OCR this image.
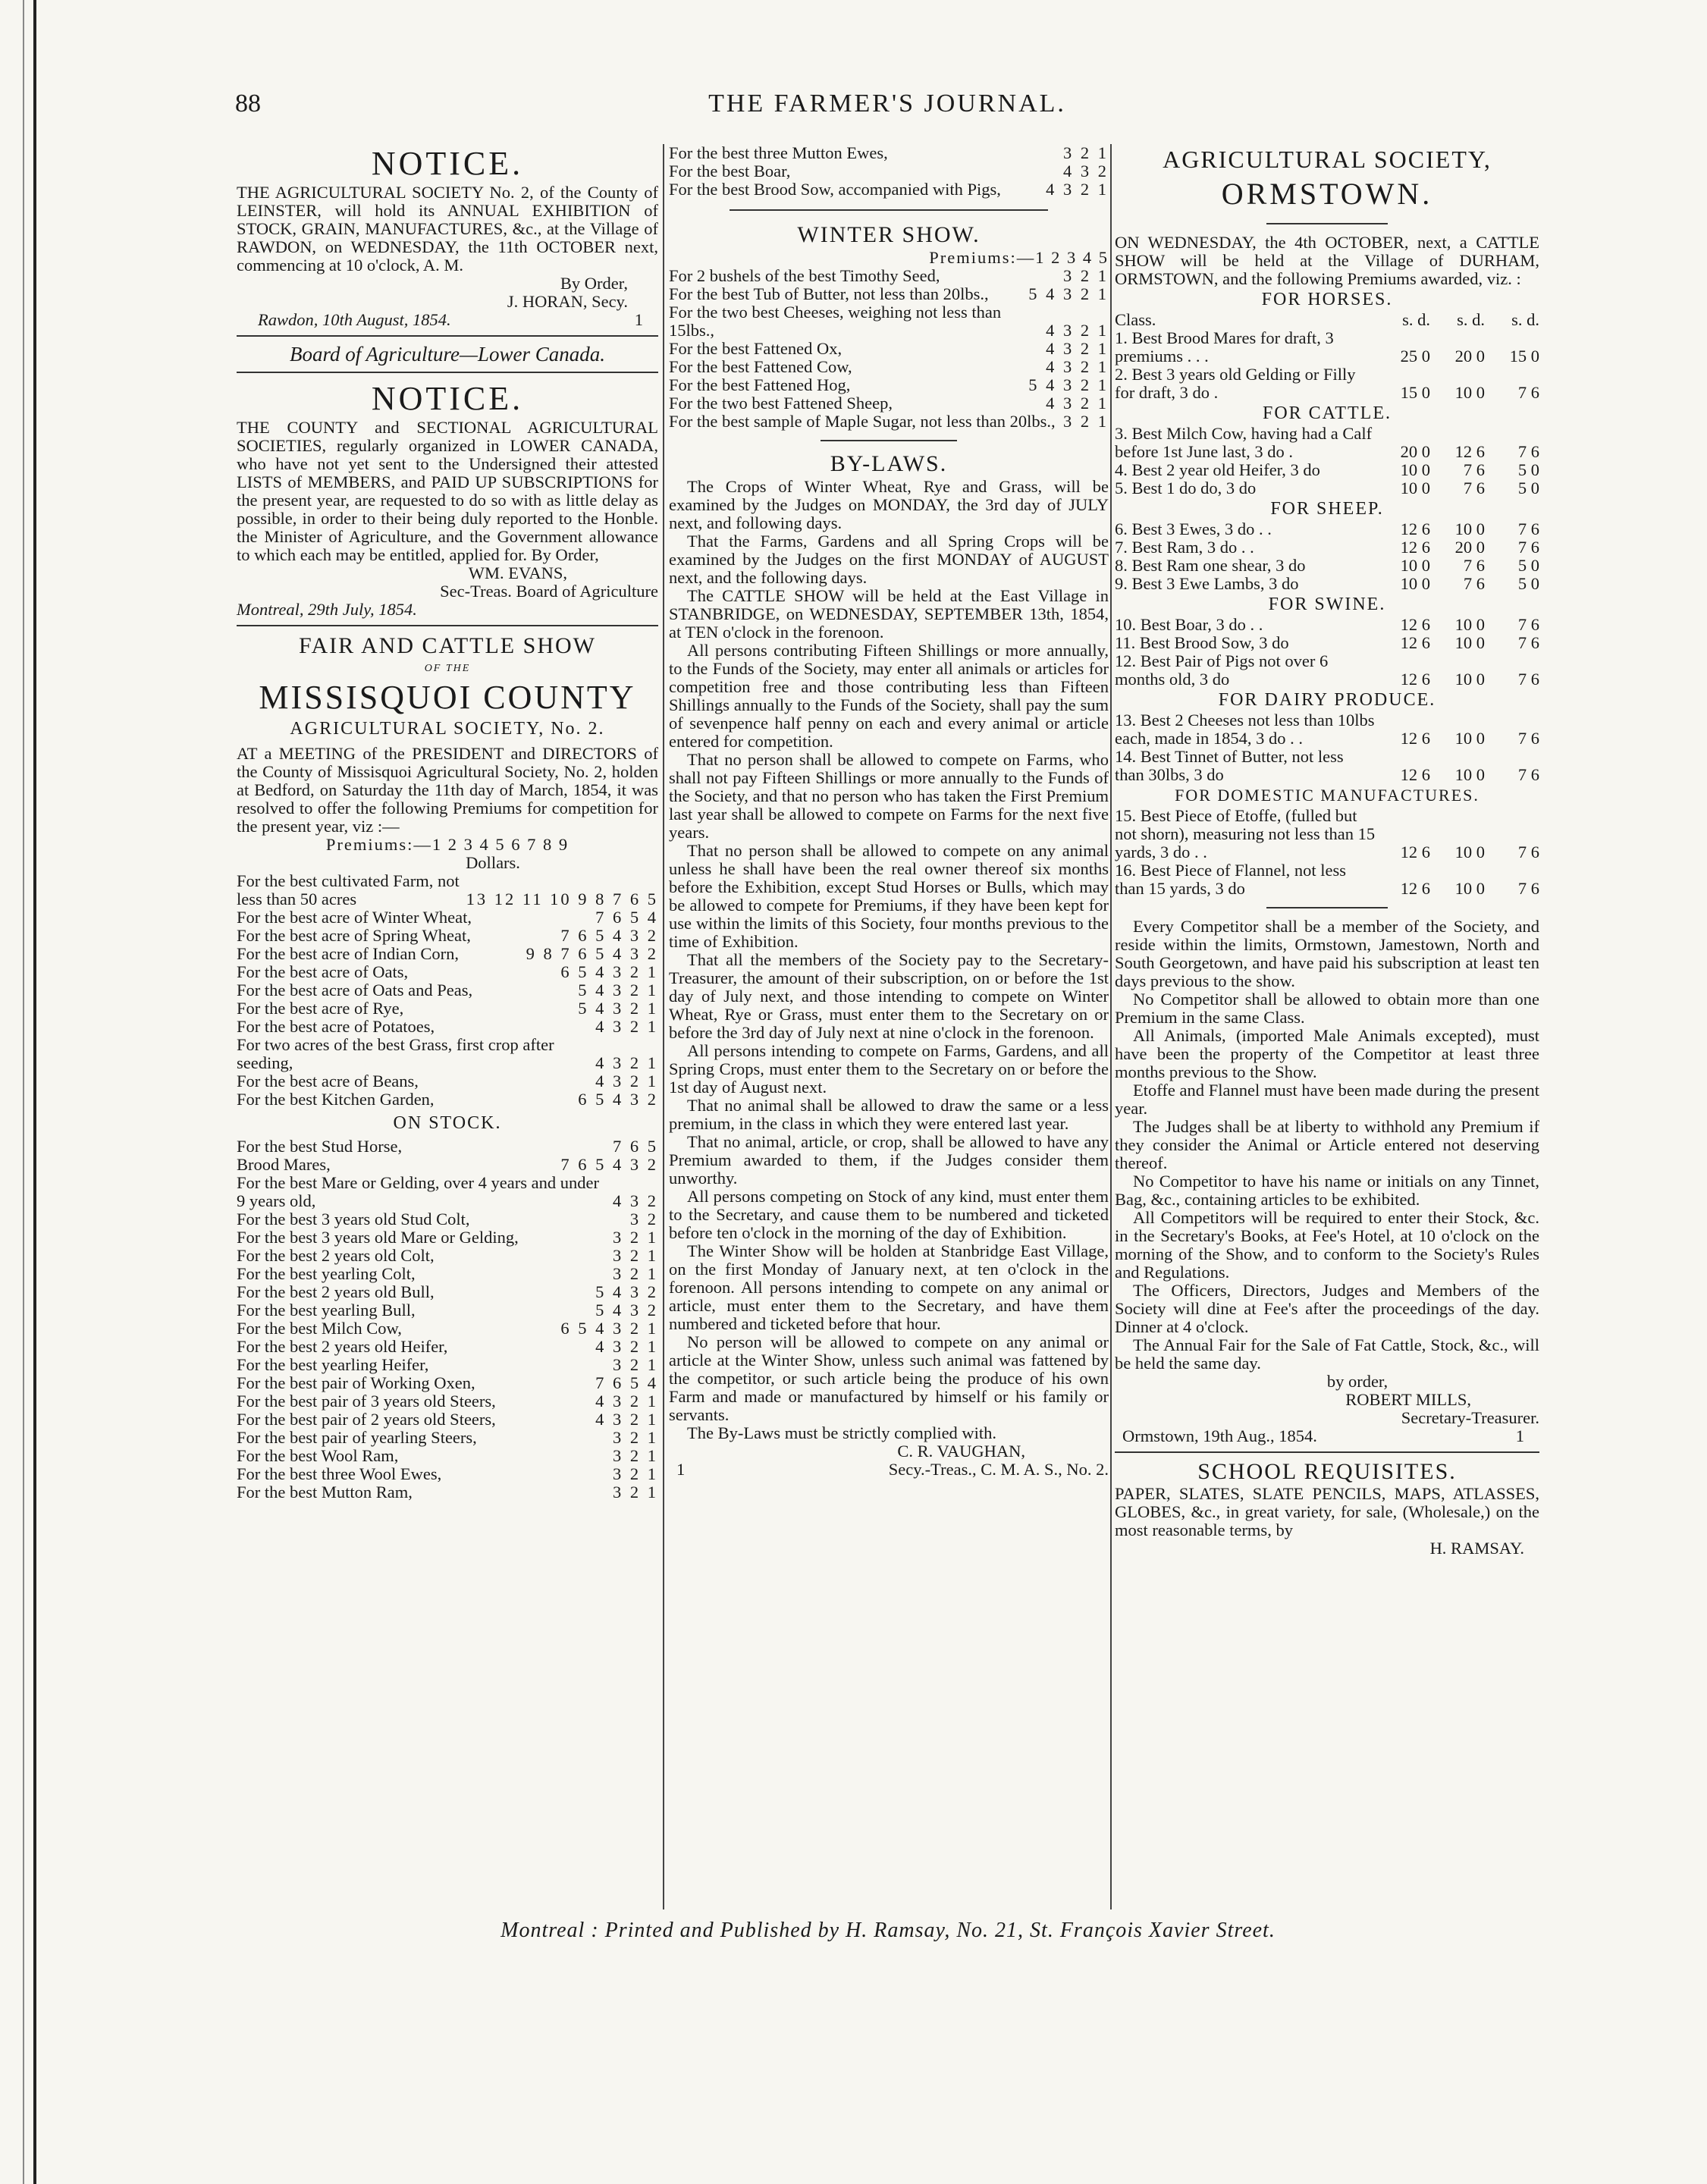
88	THE FARMER'S JOURNAL.
NOTICE.

THE AGRICULTURAL SOCIETY No. 2, of the County of LEINSTER, will hold its ANNUAL EXHIBITION of STOCK, GRAIN, MANUFACTURES, &c., at the Village of RAWDON, on WEDNESDAY, the 11th OCTOBER next, commencing at 10 o'clock, A. M.

By Order,

J. HORAN, Secy.

Rawdon, 10th August, 1854.	1

Board of Agriculture—Lower Canada.

NOTICE.

THE COUNTY and SECTIONAL AGRICULTURAL SOCIETIES, regularly organized in LOWER CANADA, who have not yet sent to the Undersigned their attested LISTS of MEMBERS, and PAID UP SUBSCRIPTIONS for the present year, are requested to do so with as little delay as possible, in order to their being duly reported to the Honble. the Minister of Agriculture, and the Government allowance to which each may be entitled, applied for. By Order,

WM. EVANS,

Sec-Treas. Board of Agriculture

Montreal, 29th July, 1854.

FAIR AND CATTLE SHOW
OF THE
MISSISQUOI COUNTY
AGRICULTURAL SOCIETY, No. 2.

AT a MEETING of the PRESIDENT and DIRECTORS of the County of Missisquoi Agricultural Society, No. 2, holden at Bedford, on Saturday the 11th day of March, 1854, it was resolved to offer the following Premiums for competition for the present year, viz :—

Premiums:—1 2 3 4 5 6 7 8 9

Dollars.

For the best cultivated Farm, not less than 50 acres	13 12 11 10 9 8 7 6 5
For the best acre of Winter Wheat,	7 6 5 4
For the best acre of Spring Wheat,	7 6 5 4 3 2
For the best acre of Indian Corn,	9 8 7 6 5 4 3 2
For the best acre of Oats,	6 5 4 3 2 1
For the best acre of Oats and Peas,	5 4 3 2 1
For the best acre of Rye,	5 4 3 2 1
For the best acre of Potatoes,	4 3 2 1
For two acres of the best Grass, first crop after seeding,	4 3 2 1
For the best acre of Beans,	4 3 2 1
For the best Kitchen Garden,	6 5 4 3 2
ON STOCK.
For the best Stud Horse,	7 6 5
Brood Mares,	7 6 5 4 3 2
For the best Mare or Gelding, over 4 years and under 9 years old,	4 3 2
For the best 3 years old Stud Colt,	3 2
For the best 3 years old Mare or Gelding,	3 2 1
For the best 2 years old Colt,	3 2 1
For the best yearling Colt,	3 2 1
For the best 2 years old Bull,	5 4 3 2
For the best yearling Bull,	5 4 3 2
For the best Milch Cow,	6 5 4 3 2 1
For the best 2 years old Heifer,	4 3 2 1
For the best yearling Heifer,	3 2 1
For the best pair of Working Oxen,	7 6 5 4
For the best pair of 3 years old Steers,	4 3 2 1
For the best pair of 2 years old Steers,	4 3 2 1
For the best pair of yearling Steers,	3 2 1
For the best Wool Ram,	3 2 1
For the best three Wool Ewes,	3 2 1
For the best Mutton Ram,	3 2 1
For the best three Mutton Ewes,	3 2 1
For the best Boar,	4 3 2
For the best Brood Sow, accompanied with Pigs,	4 3 2 1
WINTER SHOW.

Premiums:—1 2 3 4 5

For 2 bushels of the best Timothy Seed,	3 2 1
For the best Tub of Butter, not less than 20lbs.,	5 4 3 2 1
For the two best Cheeses, weighing not less than 15lbs.,	4 3 2 1
For the best Fattened Ox,	4 3 2 1
For the best Fattened Cow,	4 3 2 1
For the best Fattened Hog,	5 4 3 2 1
For the two best Fattened Sheep,	4 3 2 1
For the best sample of Maple Sugar, not less than 20lbs., 3 2 1
BY-LAWS.

The Crops of Winter Wheat, Rye and Grass, will be examined by the Judges on MONDAY, the 3rd day of JULY next, and following days.

That the Farms, Gardens and all Spring Crops will be examined by the Judges on the first MONDAY of AUGUST next, and the following days.

The CATTLE SHOW will be held at the East Village in STANBRIDGE, on WEDNESDAY, SEPTEMBER 13th, 1854, at TEN o'clock in the forenoon.

All persons contributing Fifteen Shillings or more annually, to the Funds of the Society, may enter all animals or articles for competition free and those contributing less than Fifteen Shillings annually to the Funds of the Society, shall pay the sum of sevenpence half penny on each and every animal or article entered for competition.

That no person shall be allowed to compete on Farms, who shall not pay Fifteen Shillings or more annually to the Funds of the Society, and that no person who has taken the First Premium last year shall be allowed to compete on Farms for the next five years.

That no person shall be allowed to compete on any animal unless he shall have been the real owner thereof six months before the Exhibition, except Stud Horses or Bulls, which may be allowed to compete for Premiums, if they have been kept for use within the limits of this Society, four months previous to the time of Exhibition.

That all the members of the Society pay to the Secretary-Treasurer, the amount of their subscription, on or before the 1st day of July next, and those intending to compete on Winter Wheat, Rye or Grass, must enter them to the Secretary on or before the 3rd day of July next at nine o'clock in the forenoon.

All persons intending to compete on Farms, Gardens, and all Spring Crops, must enter them to the Secretary on or before the 1st day of August next.

That no animal shall be allowed to draw the same or a less premium, in the class in which they were entered last year.

That no animal, article, or crop, shall be allowed to have any Premium awarded to them, if the Judges consider them unworthy.

All persons competing on Stock of any kind, must enter them to the Secretary, and cause them to be numbered and ticketed before ten o'clock in the morning of the day of Exhibition.

The Winter Show will be holden at Stanbridge East Village, on the first Monday of January next, at ten o'clock in the forenoon. All persons intending to compete on any animal or article, must enter them to the Secretary, and have them numbered and ticketed before that hour.

No person will be allowed to compete on any animal or article at the Winter Show, unless such animal was fattened by the competitor, or such article being the produce of his own Farm and made or manufactured by himself or his family or servants.

The By-Laws must be strictly complied with.

C. R. VAUGHAN,

1	Secy.-Treas., C. M. A. S., No. 2.
AGRICULTURAL SOCIETY,
ORMSTOWN.

ON WEDNESDAY, the 4th OCTOBER, next, a CATTLE SHOW will be held at the Village of DURHAM, ORMSTOWN, and the following Premiums awarded, viz. :

FOR HORSES.
Class.	s. d.	s. d.	s. d.
1. Best Brood Mares for draft, 3 premiums . . .	25 0	20 0	15 0
2. Best 3 years old Gelding or Filly for draft, 3 do .	15 0	10 0	7 6
FOR CATTLE.
3. Best Milch Cow, having had a Calf before 1st June last, 3 do .	20 0	12 6	7 6
4. Best 2 year old Heifer, 3 do	10 0	7 6	5 0
5. Best 1 do do, 3 do	10 0	7 6	5 0
FOR SHEEP.
6. Best 3 Ewes, 3 do . .	12 6	10 0	7 6
7. Best Ram, 3 do . .	12 6	20 0	7 6
8. Best Ram one shear, 3 do	10 0	7 6	5 0
9. Best 3 Ewe Lambs, 3 do	10 0	7 6	5 0
FOR SWINE.
10. Best Boar, 3 do . .	12 6	10 0	7 6
11. Best Brood Sow, 3 do	12 6	10 0	7 6
12. Best Pair of Pigs not over 6 months old, 3 do	12 6	10 0	7 6
FOR DAIRY PRODUCE.
13. Best 2 Cheeses not less than 10lbs each, made in 1854, 3 do . .	12 6	10 0	7 6
14. Best Tinnet of Butter, not less than 30lbs, 3 do	12 6	10 0	7 6
FOR DOMESTIC MANUFACTURES.
15. Best Piece of Etoffe, (fulled but not shorn), measuring not less than 15 yards, 3 do . .	12 6	10 0	7 6
16. Best Piece of Flannel, not less than 15 yards, 3 do	12 6	10 0	7 6

Every Competitor shall be a member of the Society, and reside within the limits, Ormstown, Jamestown, North and South Georgetown, and have paid his subscription at least ten days previous to the show.

No Competitor shall be allowed to obtain more than one Premium in the same Class.

All Animals, (imported Male Animals excepted), must have been the property of the Competitor at least three months previous to the Show.

Etoffe and Flannel must have been made during the present year.

The Judges shall be at liberty to withhold any Premium if they consider the Animal or Article entered not deserving thereof.

No Competitor to have his name or initials on any Tinnet, Bag, &c., containing articles to be exhibited.

All Competitors will be required to enter their Stock, &c. in the Secretary's Books, at Fee's Hotel, at 10 o'clock on the morning of the Show, and to conform to the Society's Rules and Regulations.

The Officers, Directors, Judges and Members of the Society will dine at Fee's after the proceedings of the day. Dinner at 4 o'clock.

The Annual Fair for the Sale of Fat Cattle, Stock, &c., will be held the same day.

by order,

ROBERT MILLS,

Secretary-Treasurer.

Ormstown, 19th Aug., 1854.	1
SCHOOL REQUISITES.

PAPER, SLATES, SLATE PENCILS, MAPS, ATLASSES, GLOBES, &c., in great variety, for sale, (Wholesale,) on the most reasonable terms, by

H. RAMSAY.

Montreal : Printed and Published by H. Ramsay, No. 21, St. François Xavier Street.
